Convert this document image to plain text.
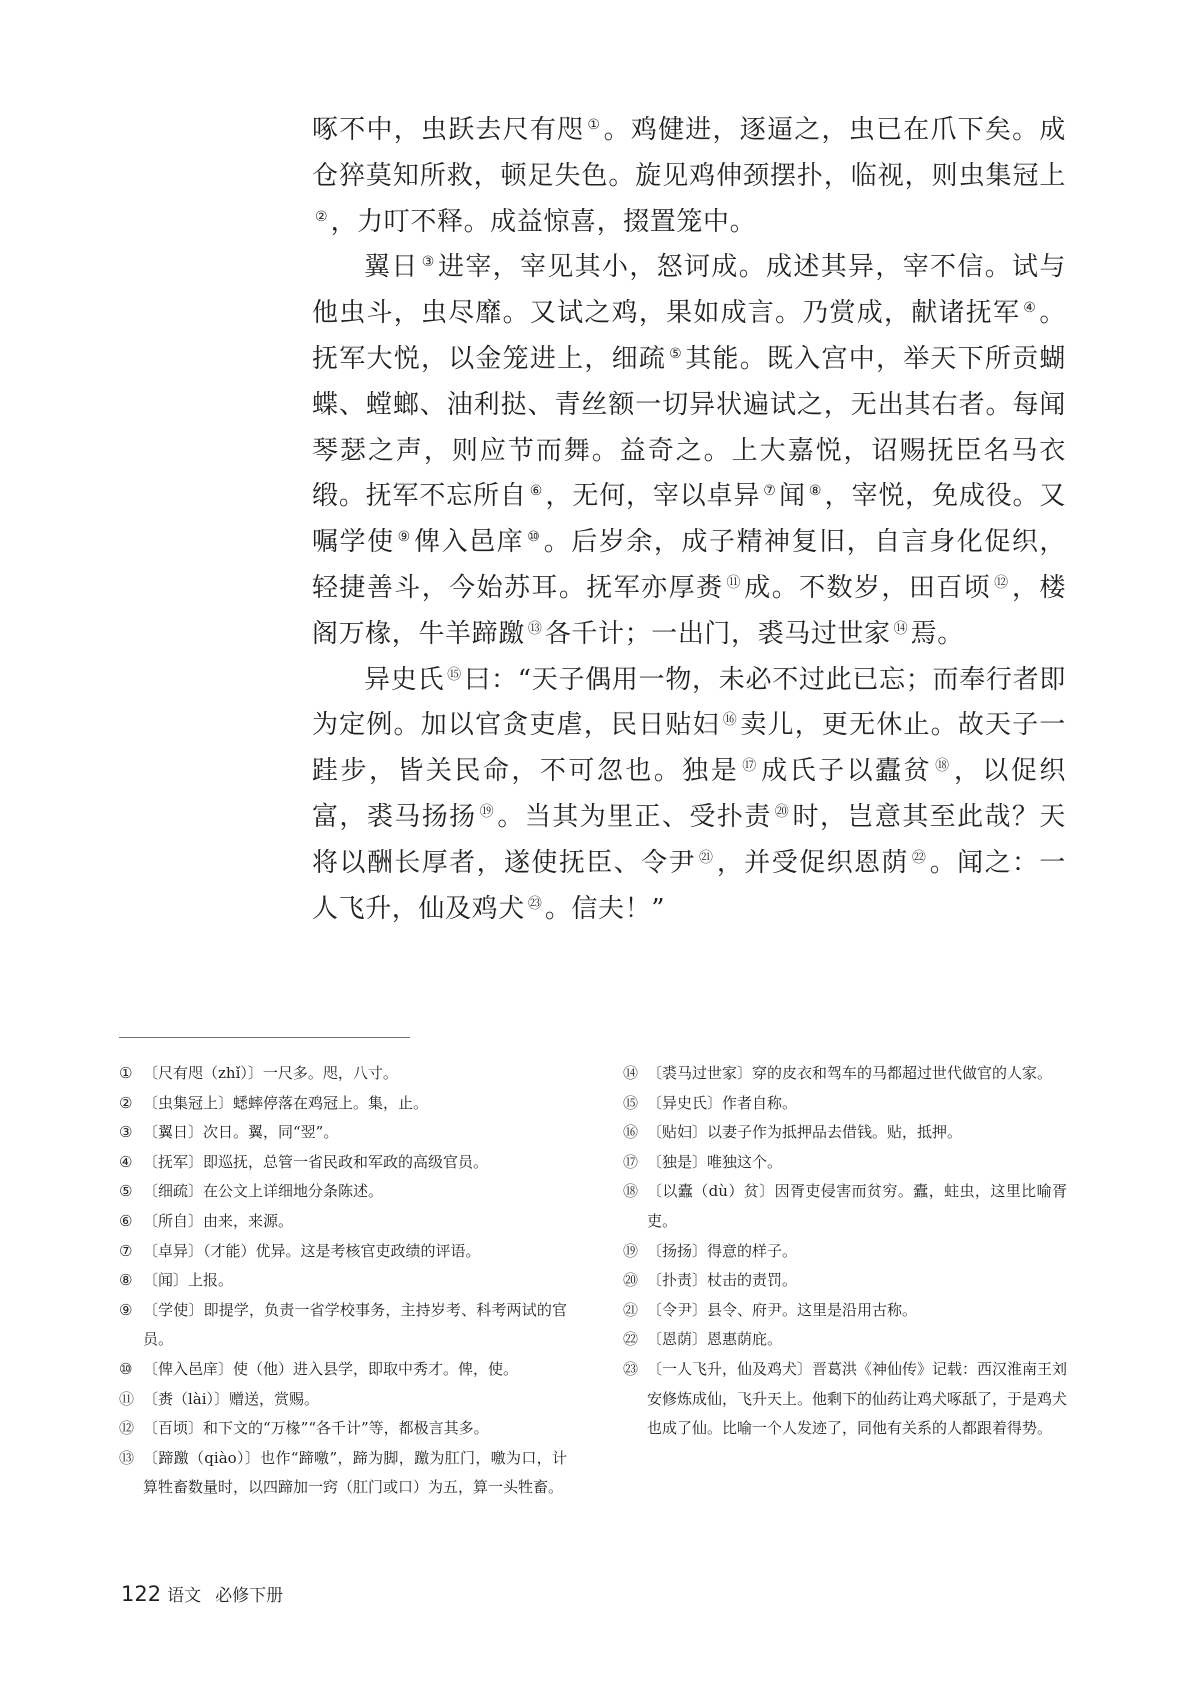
啄不中，虫跃去尺有咫 ① 。鸡健进，逐逼之，虫已在爪下矣。成仓猝莫知所救，顿足失色。旋见鸡伸颈摆扑，临视，则虫集冠上② ，力叮不释。成益惊喜，掇置笼中。

翼日 ③ 进宰，宰见其小，怒诃成。成述其异，宰不信。试与他虫斗，虫尽靡。又试之鸡，果如成言。乃赏成，献诸抚军 ④ 。抚军大悦，以金笼进上，细疏 ⑤ 其能。既入宫中，举天下所贡蝴蝶、螳螂、油利挞、青丝额一切异状遍试之，无出其右者。每闻琴瑟之声，则应节而舞。益奇之。上大嘉悦，诏赐抚臣名马衣缎。抚军不忘所自 ⑥ ，无何，宰以卓异 ⑦ 闻 ⑧ ，宰悦，免成役。又嘱学使 ⑨ 俾入邑庠 ⑩ 。后岁余，成子精神复旧，自言身化促织，轻捷善斗，今始苏耳。抚军亦厚赉 ⑪ 成。不数岁，田百顷 ⑫ ，楼阁万椽，牛羊蹄躈 ⑬ 各千计；一出门，裘马过世家 ⑭ 焉。

异史氏 ⑮ 曰：“天子偶用一物，未必不过此已忘；而奉行者即为定例。加以官贪吏虐，民日贴妇 ⑯ 卖儿，更无休止。故天子一跬步，皆关民命，不可忽也。独是 ⑰ 成氏子以蠹贫 ⑱ ，以促织富，裘马扬扬 ⑲ 。当其为里正、受扑责 ⑳ 时，岂意其至此哉？天将以酬长厚者，遂使抚臣、令尹 $^㉑$ ，并受促织恩荫 $^㉒$ 。闻之：一人飞升，仙及鸡犬 $^㉓$ 。信夫！”

① 〔尺有咫（zhǐ）〕一尺多。咫，八寸。
② 〔虫集冠上〕蟋蟀停落在鸡冠上。集，止。
③ 〔翼日〕次日。翼，同“翌”。
④ 〔抚军〕即巡抚，总管一省民政和军政的高级官员。
⑤ 〔细疏〕在公文上详细地分条陈述。
⑥ 〔所自〕由来，来源。
⑦ 〔卓异〕（才能）优异。这是考核官吏政绩的评语。
⑧ 〔闻〕上报。
⑨ 〔学使〕即提学，负责一省学校事务，主持岁考、科考两试的官员。
⑩ 〔俾入邑庠〕使（他）进入县学，即取中秀才。俾，使。
⑪ 〔赉（lài）〕赠送，赏赐。
⑫ 〔百顷〕和下文的“万椽”“各千计”等，都极言其多。
⑬ 〔蹄躈（qiào）〕也作“蹄噭”，蹄为脚，躈为肛门，噭为口，计算牲畜数量时，以四蹄加一窍（肛门或口）为五，算一头牲畜。
⑭ 〔裘马过世家〕穿的皮衣和驾车的马都超过世代做官的人家。
⑮ 〔异史氏〕作者自称。
⑯ 〔贴妇〕以妻子作为抵押品去借钱。贴，抵押。
⑰ 〔独是〕唯独这个。
⑱ 〔以蠹（dù）贫〕因胥吏侵害而贫穷。蠹，蛀虫，这里比喻胥吏。
⑲ 〔扬扬〕得意的样子。
⑳ 〔扑责〕杖击的责罚。
㉑ 〔令尹〕县令、府尹。这里是沿用古称。
㉒ 〔恩荫〕恩惠荫庇。
㉓ 〔一人飞升，仙及鸡犬〕晋葛洪《神仙传》记载：西汉淮南王刘安修炼成仙，飞升天上。他剩下的仙药让鸡犬啄舐了，于是鸡犬也成了仙。比喻一个人发迹了，同他有关系的人都跟着得势。
122 语文 必修下册
